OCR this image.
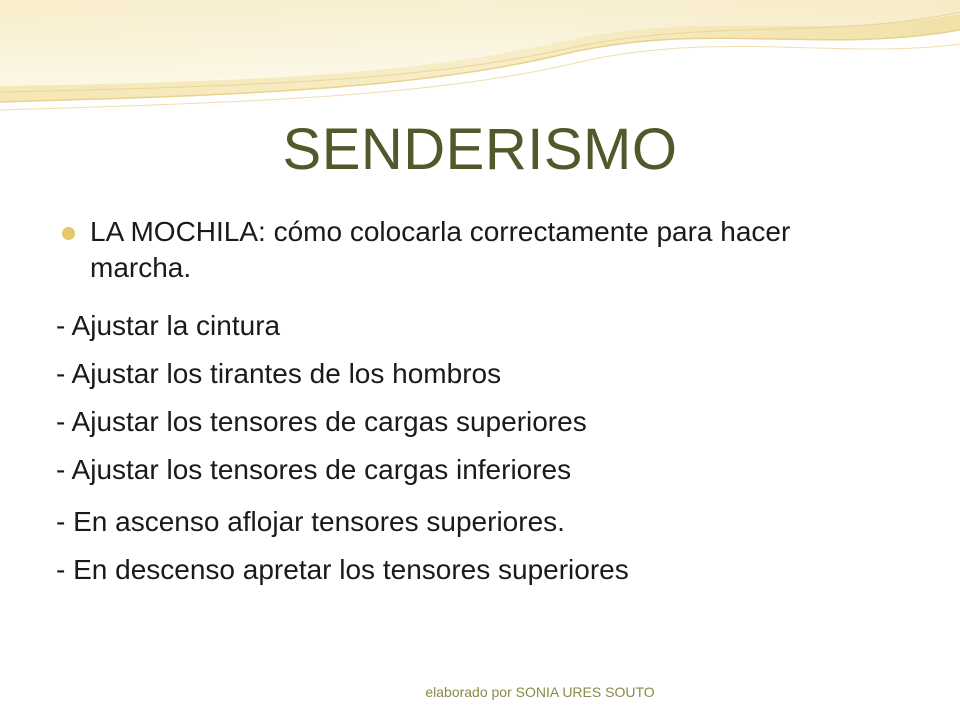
SENDERISMO
LA MOCHILA: cómo colocarla correctamente para hacer marcha.
- Ajustar la cintura
- Ajustar los tirantes de los hombros
- Ajustar los tensores de cargas superiores
- Ajustar los tensores de cargas inferiores
- En ascenso aflojar tensores superiores.
- En descenso apretar los tensores superiores
elaborado por SONIA URES SOUTO
